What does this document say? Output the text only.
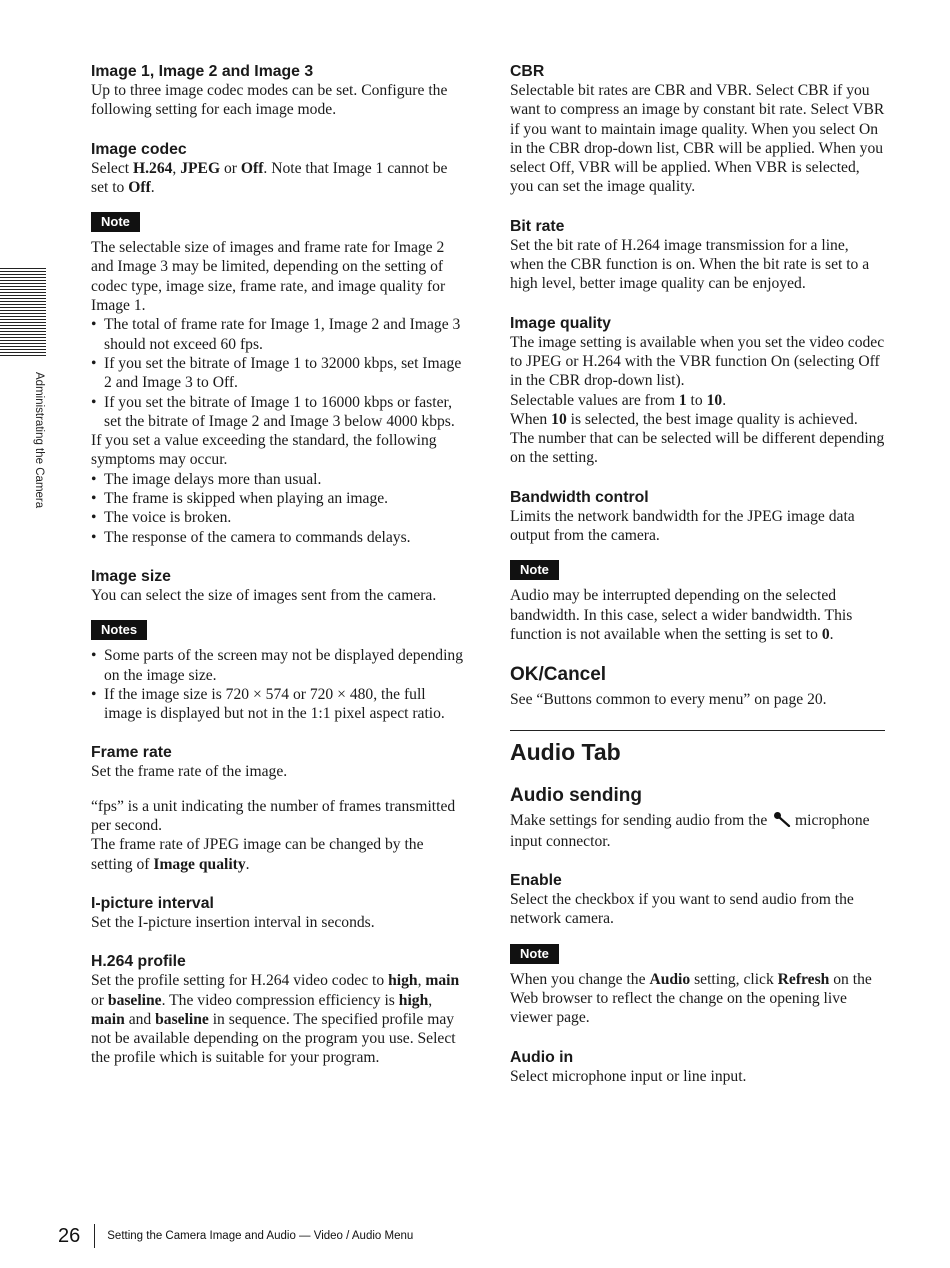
Administrating the Camera
Image 1, Image 2 and Image 3

Up to three image codec modes can be set. Configure the following setting for each image mode.

Image codec

Select H.264, JPEG or Off. Note that Image 1 cannot be set to Off.

Note

The selectable size of images and frame rate for Image 2 and Image 3 may be limited, depending on the setting of codec type, image size, frame rate, and image quality for Image 1.

• The total of frame rate for Image 1, Image 2 and Image 3 should not exceed 60 fps.
• If you set the bitrate of Image 1 to 32000 kbps, set Image 2 and Image 3 to Off.
• If you set the bitrate of Image 1 to 16000 kbps or faster, set the bitrate of Image 2 and Image 3 below 4000 kbps.

If you set a value exceeding the standard, the following symptoms may occur.

• The image delays more than usual.
• The frame is skipped when playing an image.
• The voice is broken.
• The response of the camera to commands delays.
Image size

You can select the size of images sent from the camera.

Notes
• Some parts of the screen may not be displayed depending on the image size.
• If the image size is 720 × 574 or 720 × 480, the full image is displayed but not in the 1:1 pixel aspect ratio.
Frame rate

Set the frame rate of the image.

“fps” is a unit indicating the number of frames transmitted per second.

The frame rate of JPEG image can be changed by the setting of Image quality.

I-picture interval

Set the I-picture insertion interval in seconds.

H.264 profile

Set the profile setting for H.264 video codec to high, main or baseline. The video compression efficiency is high, main and baseline in sequence. The specified profile may not be available depending on the program you use. Select the profile which is suitable for your program.

CBR

Selectable bit rates are CBR and VBR. Select CBR if you want to compress an image by constant bit rate. Select VBR if you want to maintain image quality. When you select On in the CBR drop-down list, CBR will be applied. When you select Off, VBR will be applied. When VBR is selected, you can set the image quality.

Bit rate

Set the bit rate of H.264 image transmission for a line, when the CBR function is on. When the bit rate is set to a high level, better image quality can be enjoyed.

Image quality

The image setting is available when you set the video codec to JPEG or H.264 with the VBR function On (selecting Off in the CBR drop-down list).

Selectable values are from 1 to 10.

When 10 is selected, the best image quality is achieved. The number that can be selected will be different depending on the setting.

Bandwidth control

Limits the network bandwidth for the JPEG image data output from the camera.

Note

Audio may be interrupted depending on the selected bandwidth. In this case, select a wider bandwidth. This function is not available when the setting is set to 0.

OK/Cancel

See “Buttons common to every menu” on page 20.

Audio Tab
Audio sending

Make settings for sending audio from the  microphone input connector.

Enable

Select the checkbox if you want to send audio from the network camera.

Note

When you change the Audio setting, click Refresh on the Web browser to reflect the change on the opening live viewer page.

Audio in

Select microphone input or line input.

26 Setting the Camera Image and Audio — Video / Audio Menu
